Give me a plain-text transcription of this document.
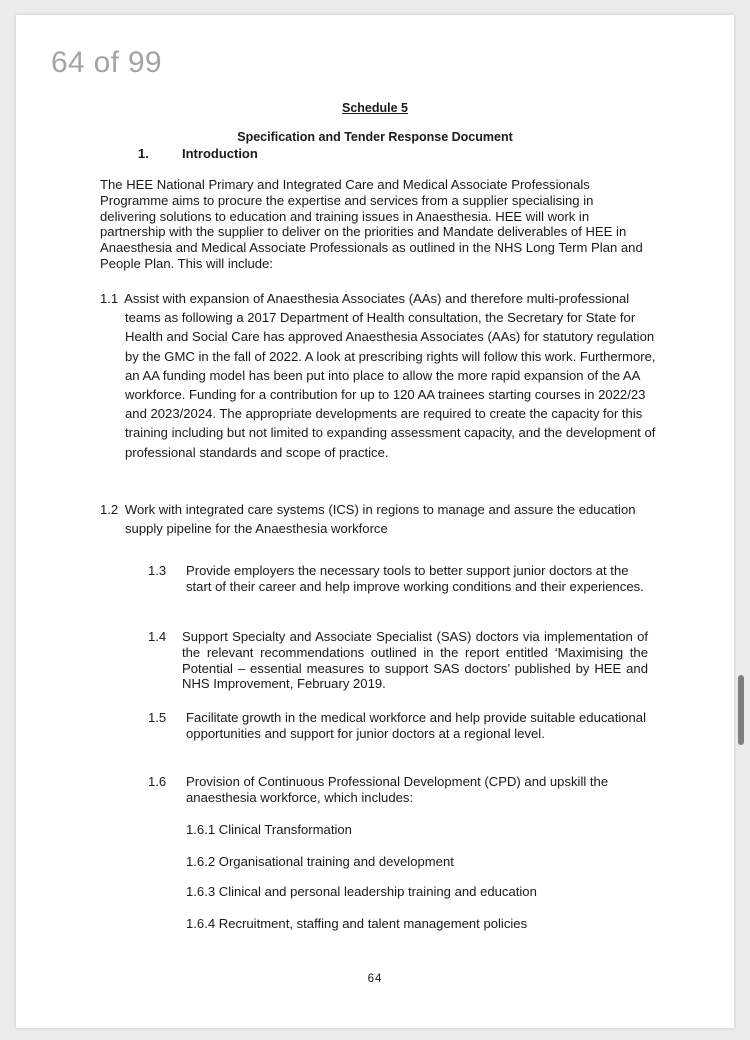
64 of 99
Schedule 5
Specification and Tender Response Document
1.	Introduction
The HEE National Primary and Integrated Care and Medical Associate Professionals Programme aims to procure the expertise and services from a supplier specialising in delivering solutions to education and training issues in Anaesthesia. HEE will work in partnership with the supplier to deliver on the priorities and Mandate deliverables of HEE in Anaesthesia and Medical Associate Professionals as outlined in the NHS Long Term Plan and People Plan. This will include:
1.1 Assist with expansion of Anaesthesia Associates (AAs) and therefore multi-professional teams as following a 2017 Department of Health consultation, the Secretary for State for Health and Social Care has approved Anaesthesia Associates (AAs) for statutory regulation by the GMC in the fall of 2022. A look at prescribing rights will follow this work. Furthermore, an AA funding model has been put into place to allow the more rapid expansion of the AA workforce. Funding for a contribution for up to 120 AA trainees starting courses in 2022/23 and 2023/2024. The appropriate developments are required to create the capacity for this training including but not limited to expanding assessment capacity, and the development of professional standards and scope of practice.
1.2 Work with integrated care systems (ICS) in regions to manage and assure the education supply pipeline for the Anaesthesia workforce
1.3 Provide employers the necessary tools to better support junior doctors at the start of their career and help improve working conditions and their experiences.
1.4 Support Specialty and Associate Specialist (SAS) doctors via implementation of the relevant recommendations outlined in the report entitled ‘Maximising the Potential – essential measures to support SAS doctors’ published by HEE and NHS Improvement, February 2019.
1.5 Facilitate growth in the medical workforce and help provide suitable educational opportunities and support for junior doctors at a regional level.
1.6 Provision of Continuous Professional Development (CPD) and upskill the anaesthesia workforce, which includes:
1.6.1 Clinical Transformation
1.6.2 Organisational training and development
1.6.3 Clinical and personal leadership training and education
1.6.4 Recruitment, staffing and talent management policies
64
